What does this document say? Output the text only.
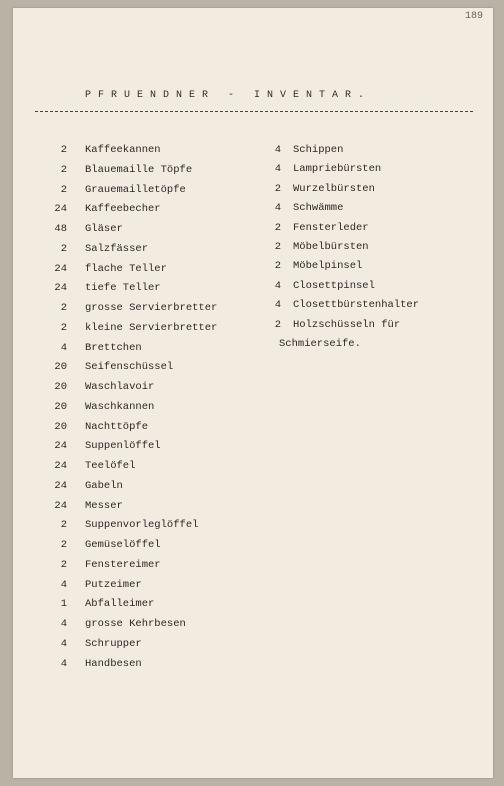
189
PFRUENDNER - INVENTAR.
2 Kaffeekannen
2 Blauemaille Töpfe
2 Grauemailletöpfe
24 Kaffeebecher
48 Gläser
2 Salzfässer
24 flache Teller
24 tiefe Teller
2 grosse Servierbretter
2 kleine Servierbretter
4 Brettchen
20 Seifenschüssel
20 Waschlavoir
20 Waschkannen
20 Nachttöpfe
24 Suppenlöffel
24 Teelöfel
24 Gabeln
24 Messer
2 Suppenvorleglöffel
2 Gemüselöffel
2 Fenstereimer
4 Putzeimer
1 Abfalleimer
4 grosse Kehrbesen
4 Schrupper
4 Handbesen
4 Schippen
4 Lampriebürsten
2 Wurzelbürsten
4 Schwämme
2 Fensterleder
2 Möbelbürsten
2 Möbelpinsel
4 Closettpinsel
4 Closettbürstenhalter
2 Holzschüsseln für
Schmierseife.
